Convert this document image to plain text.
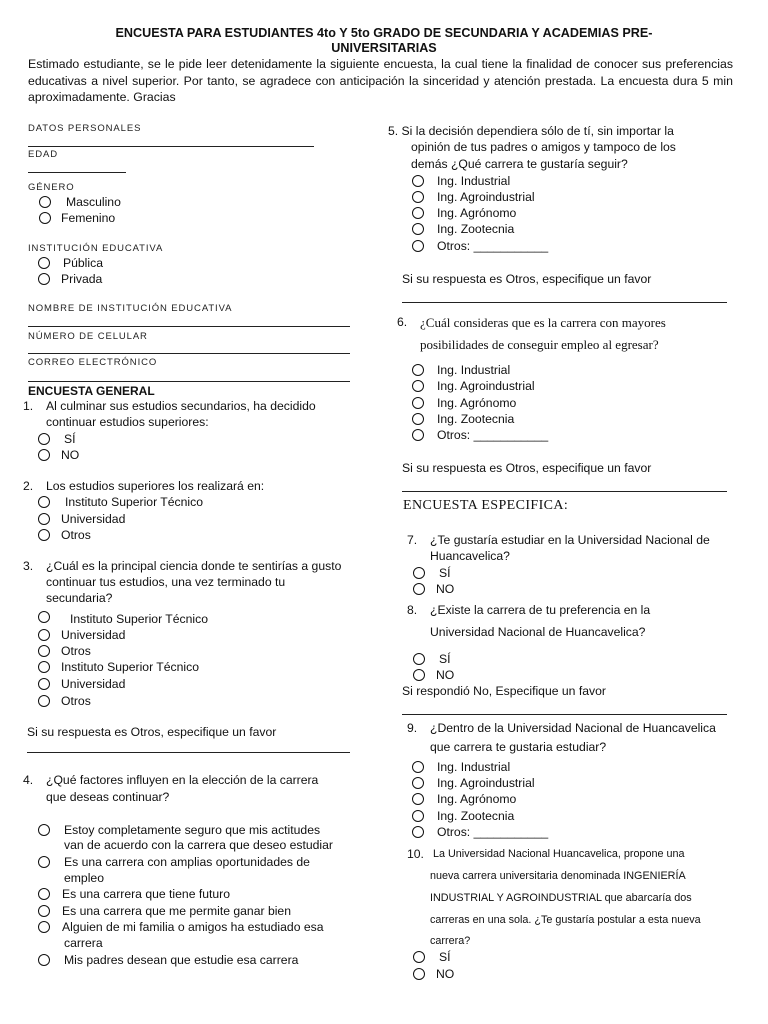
ENCUESTA PARA ESTUDIANTES 4to Y 5to GRADO DE SECUNDARIA Y ACADEMIAS PRE-
UNIVERSITARIAS
Estimado estudiante, se le pide leer detenidamente la siguiente encuesta, la cual tiene la finalidad de conocer sus preferencias educativas a nivel superior. Por tanto, se agradece con anticipación la sinceridad y atención prestada. La encuesta dura 5 min aproximadamente. Gracias
DATOS PERSONALES
EDAD
GÉNERO
Masculino
Femenino
INSTITUCIÓN EDUCATIVA
Pública
Privada
NOMBRE DE INSTITUCIÓN EDUCATIVA
NÚMERO DE CELULAR
CORREO ELECTRÓNICO
ENCUESTA GENERAL
1. Al culminar sus estudios secundarios, ha decidido
continuar estudios superiores:
SÍ
NO
2. Los estudios superiores los realizará en:
Instituto Superior Técnico
Universidad
Otros
3. ¿Cuál es la principal ciencia donde te sentirías a gusto
continuar tus estudios, una vez terminado tu
secundaria?
Instituto Superior Técnico
Universidad
Otros
Instituto Superior Técnico
Universidad
Otros
Si su respuesta es Otros, especifique un favor
4. ¿Qué factores influyen en la elección de la carrera
que deseas continuar?
Estoy completamente seguro que mis actitudes
van de acuerdo con la carrera que deseo estudiar
Es una carrera con amplias oportunidades de
empleo
Es una carrera que tiene futuro
Es una carrera que me permite ganar bien
Alguien de mi familia o amigos ha estudiado esa
carrera
Mis padres desean que estudie esa carrera
5. Si la decisión dependiera sólo de tí, sin importar la
opinión de tus padres o amigos y tampoco de los
demás ¿Qué carrera te gustaría seguir?
Ing. Industrial
Ing. Agroindustrial
Ing. Agrónomo
Ing. Zootecnia
Otros: ___________
Si su respuesta es Otros, especifique un favor
6. ¿Cuál consideras que es la carrera con mayores
posibilidades de conseguir empleo al egresar?
Ing. Industrial
Ing. Agroindustrial
Ing. Agrónomo
Ing. Zootecnia
Otros: ___________
Si su respuesta es Otros, especifique un favor
ENCUESTA ESPECIFICA:
7. ¿Te gustaría estudiar en la Universidad Nacional de
Huancavelica?
SÍ
NO
8. ¿Existe la carrera de tu preferencia en la
Universidad Nacional de Huancavelica?
SÍ
NO
Si respondió No, Especifique un favor
9. ¿Dentro de la Universidad Nacional de Huancavelica
que carrera te gustaria estudiar?
Ing. Industrial
Ing. Agroindustrial
Ing. Agrónomo
Ing. Zootecnia
Otros: ___________
10. La Universidad Nacional Huancavelica, propone una
nueva carrera universitaria denominada INGENIERÍA
INDUSTRIAL Y AGROINDUSTRIAL que abarcaría dos
carreras en una sola. ¿Te gustaría postular a esta nueva
carrera?
SÍ
NO
